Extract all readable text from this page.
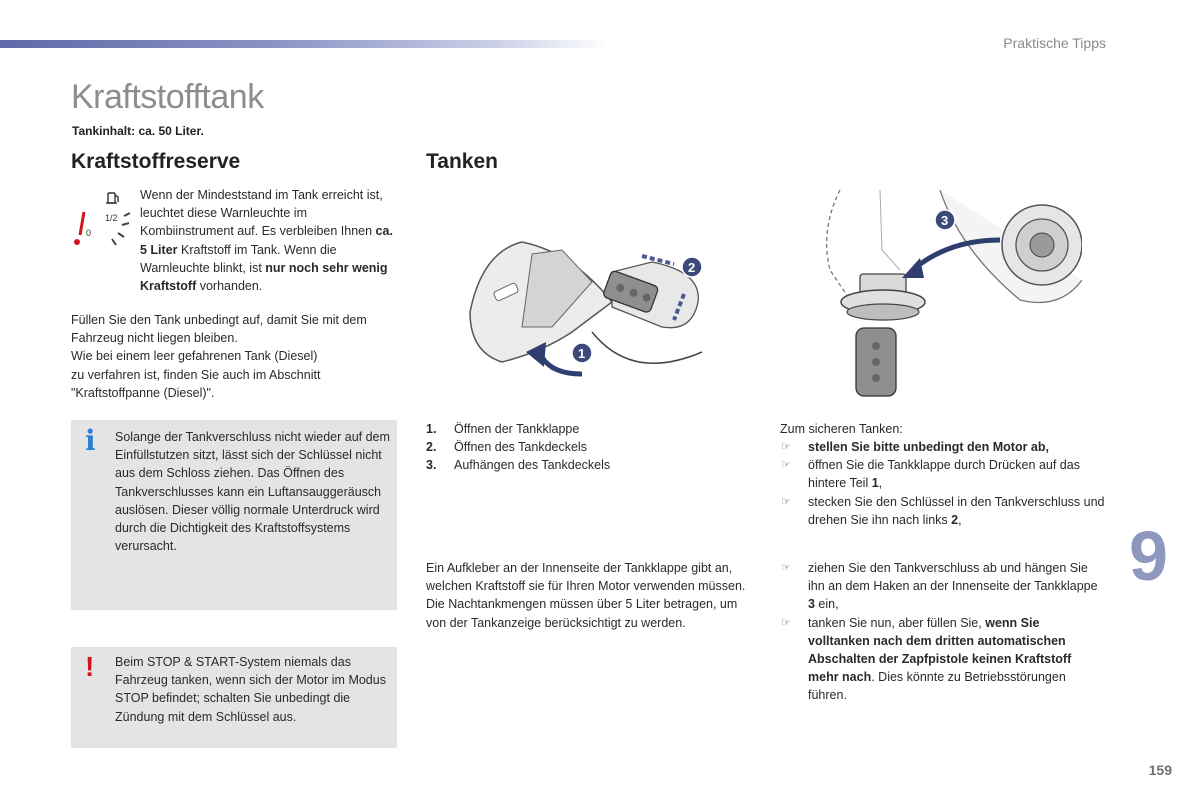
Praktische Tipps
Kraftstofftank
Tankinhalt: ca. 50 Liter.
Kraftstoffreserve
1/2
0

Wenn der Mindeststand im Tank erreicht ist, leuchtet diese Warnleuchte im Kombiinstrument auf. Es verbleiben Ihnen ca. 5 Liter Kraftstoff im Tank. Wenn die Warnleuchte blinkt, ist nur noch sehr wenig Kraftstoff vorhanden.

Füllen Sie den Tank unbedingt auf, damit Sie mit dem Fahrzeug nicht liegen bleiben.
Wie bei einem leer gefahrenen Tank (Diesel)
zu verfahren ist, finden Sie auch im Abschnitt
"Kraftstoffpanne (Diesel)".

i Solange der Tankverschluss nicht wieder auf dem Einfüllstutzen sitzt, lässt sich der Schlüssel nicht aus dem Schloss ziehen. Das Öffnen des Tankverschlusses kann ein Luftansauggeräusch auslösen. Dieser völlig normale Unterdruck wird durch die Dichtigkeit des Kraftstoffsystems verursacht.

! Beim STOP & START-System niemals das Fahrzeug tanken, wenn sich der Motor im Modus STOP befindet; schalten Sie unbedingt die Zündung mit dem Schlüssel aus.

Tanken
1
2
3
1.	Öffnen der Tankklappe
2.	Öffnen des Tankdeckels
3.	Aufhängen des Tankdeckels

Ein Aufkleber an der Innenseite der Tankklappe gibt an, welchen Kraftstoff sie für Ihren Motor verwenden müssen.
Die Nachtankmengen müssen über 5 Liter betragen, um von der Tankanzeige berücksichtigt zu werden.

Zum sicheren Tanken:

☞ stellen Sie bitte unbedingt den Motor ab,
☞ öffnen Sie die Tankklappe durch Drücken auf das hintere Teil 1,
☞ stecken Sie den Schlüssel in den Tankverschluss und drehen Sie ihn nach links 2,
☞ ziehen Sie den Tankverschluss ab und hängen Sie ihn an dem Haken an der Innenseite der Tankklappe 3 ein,
☞ tanken Sie nun, aber füllen Sie, wenn Sie volltanken nach dem dritten automatischen Abschalten der Zapfpistole keinen Kraftstoff mehr nach. Dies könnte zu Betriebsstörungen führen.
9
159
